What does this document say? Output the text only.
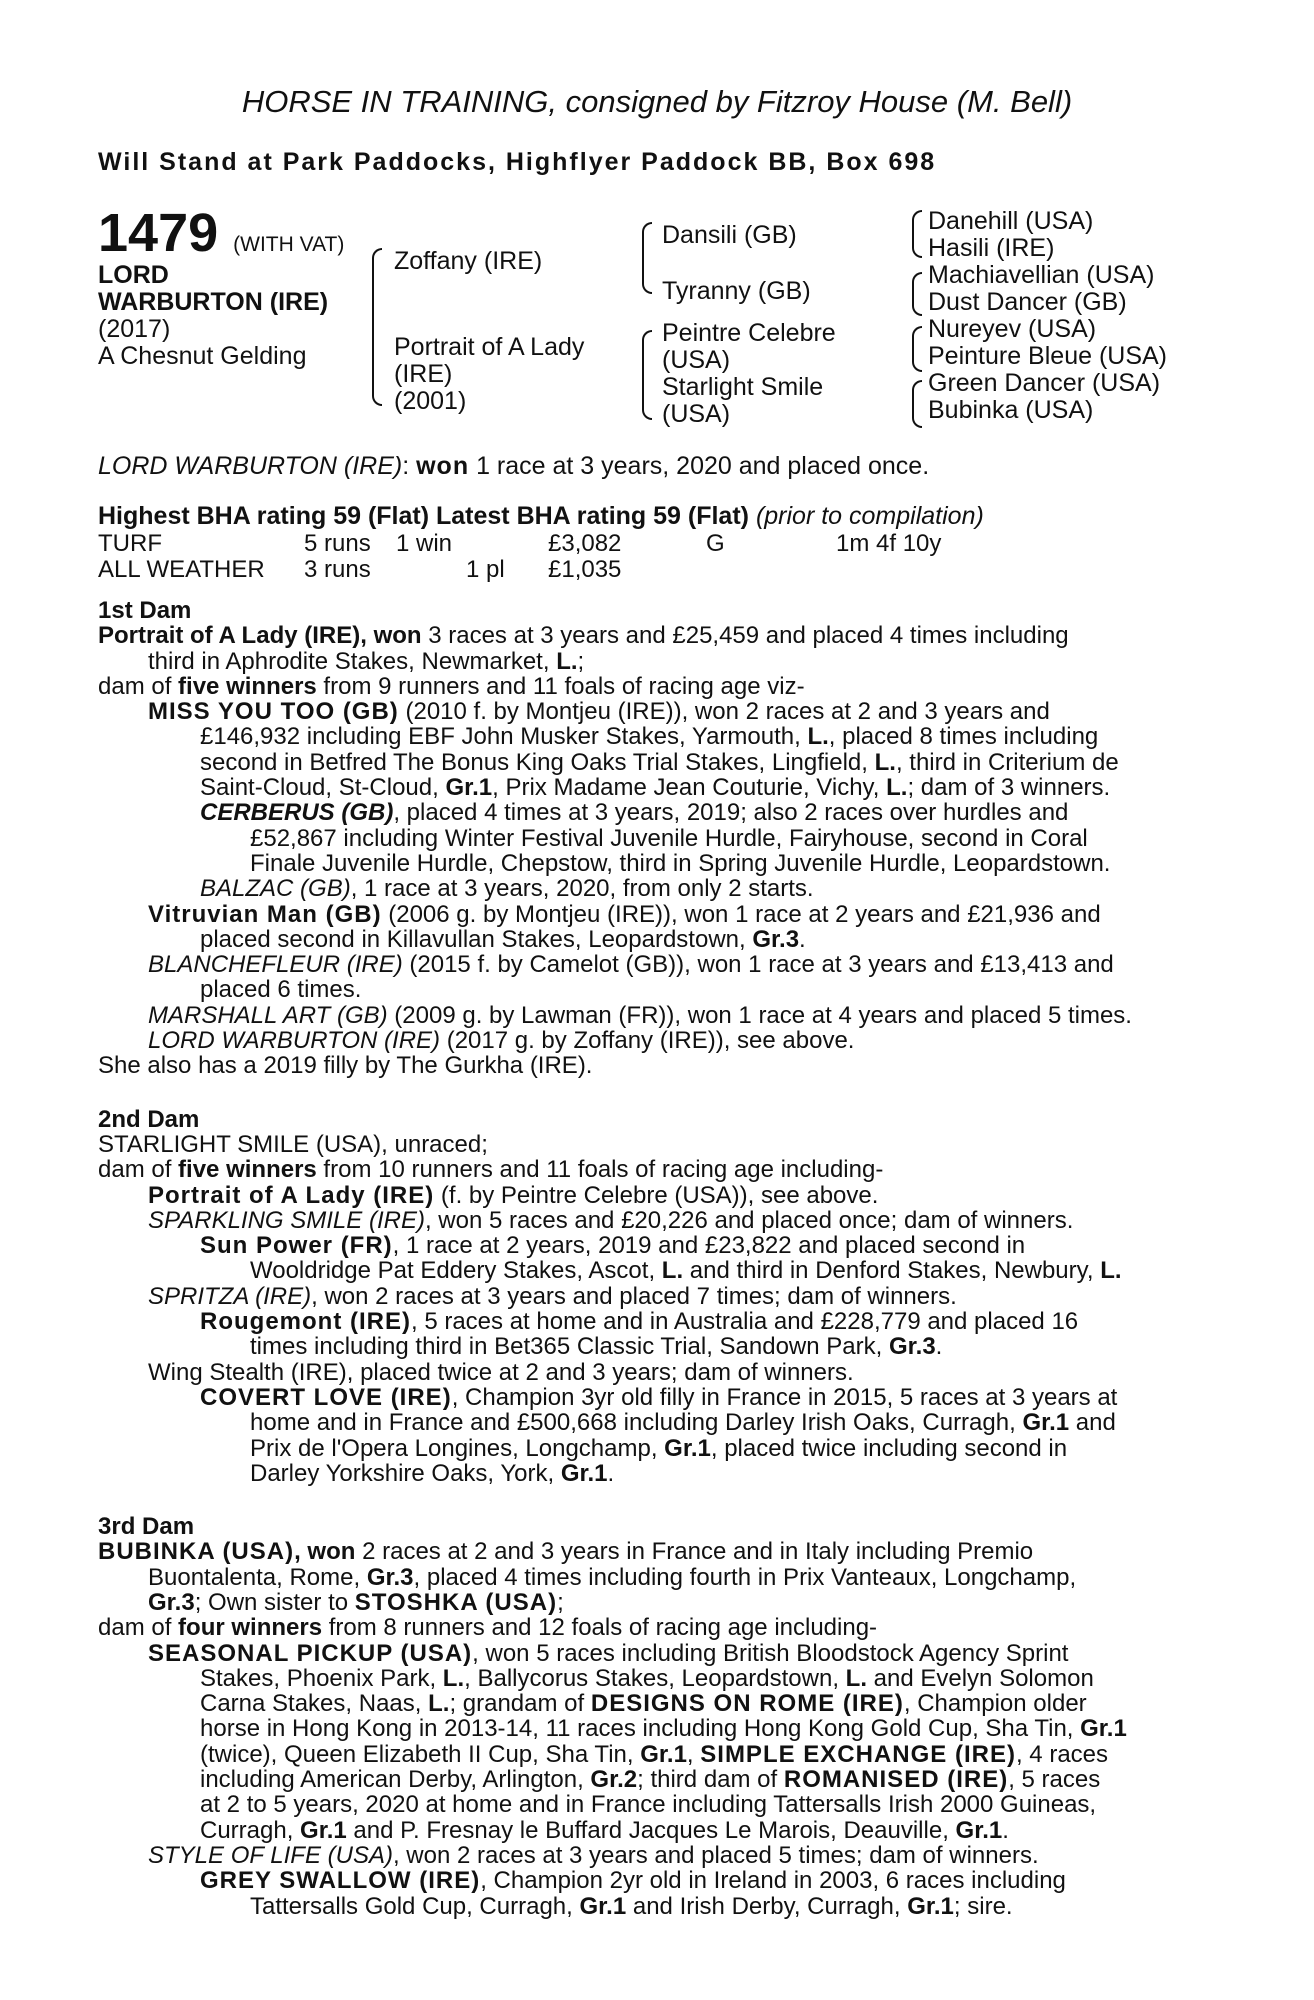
HORSE IN TRAINING, consigned by Fitzroy House (M. Bell)
Will Stand at Park Paddocks, Highflyer Paddock BB, Box 698
1479 (WITH VAT)
LORD
WARBURTON (IRE)
(2017)
A Chesnut Gelding
Zoffany (IRE)
Portrait of A Lady
(IRE)
(2001)
Dansili (GB)
Tyranny (GB)
Peintre Celebre
(USA)
Starlight Smile
(USA)
Danehill (USA)
Hasili (IRE)
Machiavellian (USA)
Dust Dancer (GB)
Nureyev (USA)
Peinture Bleue (USA)
Green Dancer (USA)
Bubinka (USA)
LORD WARBURTON (IRE): won 1 race at 3 years, 2020 and placed once.
Highest BHA rating 59 (Flat) Latest BHA rating 59 (Flat) (prior to compilation)
TURF	5 runs 1 win	£3,082	G	1m 4f 10y
ALL WEATHER 3 runs	1 pl £1,035
1st Dam
Portrait of A Lady (IRE), won 3 races at 3 years and £25,459 and placed 4 times including
third in Aphrodite Stakes, Newmarket, L.;
dam of five winners from 9 runners and 11 foals of racing age viz-
MISS YOU TOO (GB) (2010 f. by Montjeu (IRE)), won 2 races at 2 and 3 years and
£146,932 including EBF John Musker Stakes, Yarmouth, L., placed 8 times including
second in Betfred The Bonus King Oaks Trial Stakes, Lingfield, L., third in Criterium de
Saint-Cloud, St-Cloud, Gr.1, Prix Madame Jean Couturie, Vichy, L.; dam of 3 winners.
CERBERUS (GB), placed 4 times at 3 years, 2019; also 2 races over hurdles and
£52,867 including Winter Festival Juvenile Hurdle, Fairyhouse, second in Coral
Finale Juvenile Hurdle, Chepstow, third in Spring Juvenile Hurdle, Leopardstown.
BALZAC (GB), 1 race at 3 years, 2020, from only 2 starts.
Vitruvian Man (GB) (2006 g. by Montjeu (IRE)), won 1 race at 2 years and £21,936 and
placed second in Killavullan Stakes, Leopardstown, Gr.3.
BLANCHEFLEUR (IRE) (2015 f. by Camelot (GB)), won 1 race at 3 years and £13,413 and
placed 6 times.
MARSHALL ART (GB) (2009 g. by Lawman (FR)), won 1 race at 4 years and placed 5 times.
LORD WARBURTON (IRE) (2017 g. by Zoffany (IRE)), see above.
She also has a 2019 filly by The Gurkha (IRE).
2nd Dam
STARLIGHT SMILE (USA), unraced;
dam of five winners from 10 runners and 11 foals of racing age including-
Portrait of A Lady (IRE) (f. by Peintre Celebre (USA)), see above.
SPARKLING SMILE (IRE), won 5 races and £20,226 and placed once; dam of winners.
Sun Power (FR), 1 race at 2 years, 2019 and £23,822 and placed second in
Wooldridge Pat Eddery Stakes, Ascot, L. and third in Denford Stakes, Newbury, L.
SPRITZA (IRE), won 2 races at 3 years and placed 7 times; dam of winners.
Rougemont (IRE), 5 races at home and in Australia and £228,779 and placed 16
times including third in Bet365 Classic Trial, Sandown Park, Gr.3.
Wing Stealth (IRE), placed twice at 2 and 3 years; dam of winners.
COVERT LOVE (IRE), Champion 3yr old filly in France in 2015, 5 races at 3 years at
home and in France and £500,668 including Darley Irish Oaks, Curragh, Gr.1 and
Prix de l'Opera Longines, Longchamp, Gr.1, placed twice including second in
Darley Yorkshire Oaks, York, Gr.1.
3rd Dam
BUBINKA (USA), won 2 races at 2 and 3 years in France and in Italy including Premio
Buontalenta, Rome, Gr.3, placed 4 times including fourth in Prix Vanteaux, Longchamp,
Gr.3; Own sister to STOSHKA (USA);
dam of four winners from 8 runners and 12 foals of racing age including-
SEASONAL PICKUP (USA), won 5 races including British Bloodstock Agency Sprint
Stakes, Phoenix Park, L., Ballycorus Stakes, Leopardstown, L. and Evelyn Solomon
Carna Stakes, Naas, L.; grandam of DESIGNS ON ROME (IRE), Champion older
horse in Hong Kong in 2013-14, 11 races including Hong Kong Gold Cup, Sha Tin, Gr.1
(twice), Queen Elizabeth II Cup, Sha Tin, Gr.1, SIMPLE EXCHANGE (IRE), 4 races
including American Derby, Arlington, Gr.2; third dam of ROMANISED (IRE), 5 races
at 2 to 5 years, 2020 at home and in France including Tattersalls Irish 2000 Guineas,
Curragh, Gr.1 and P. Fresnay le Buffard Jacques Le Marois, Deauville, Gr.1.
STYLE OF LIFE (USA), won 2 races at 3 years and placed 5 times; dam of winners.
GREY SWALLOW (IRE), Champion 2yr old in Ireland in 2003, 6 races including
Tattersalls Gold Cup, Curragh, Gr.1 and Irish Derby, Curragh, Gr.1; sire.
